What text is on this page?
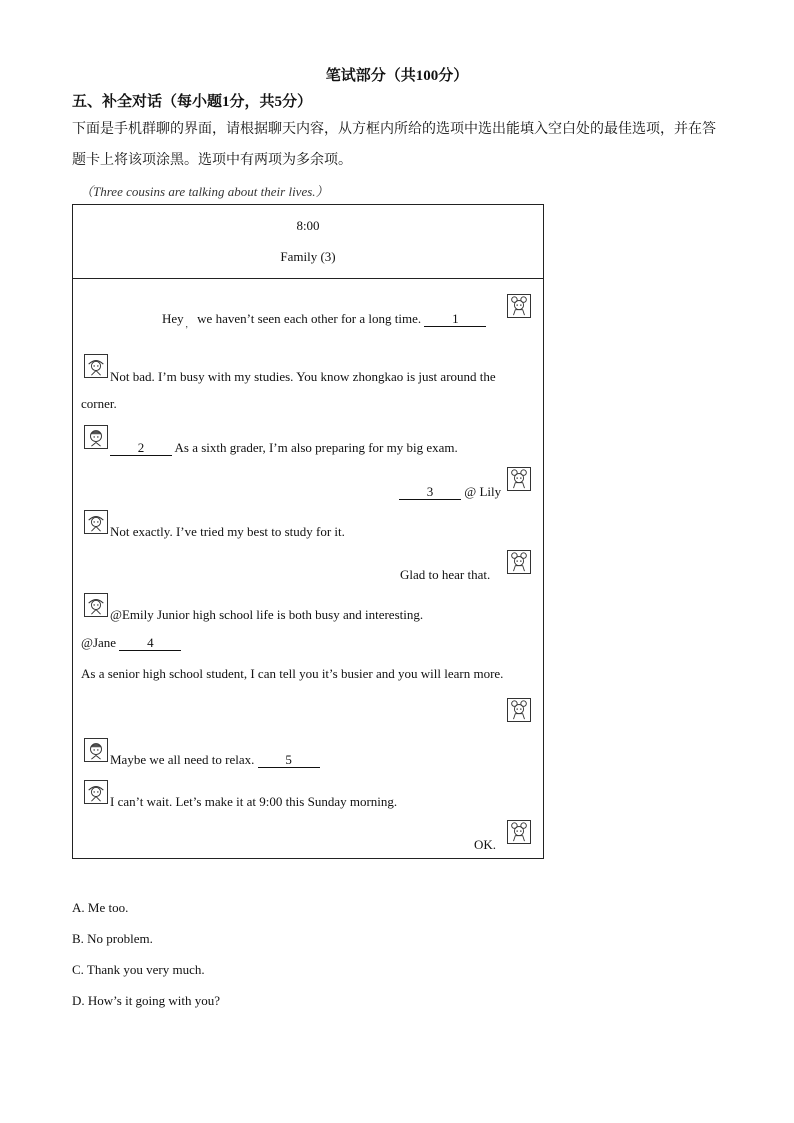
笔试部分（共100分）
五、补全对话（每小题1分，共5分）
下面是手机群聊的界面，请根据聊天内容，从方框内所给的选项中选出能填入空白处的最佳选项，并在答
题卡上将该项涂黑。选项中有两项为多余项。
（Three cousins are talking about their lives.）
8:00
Family (3)
Hey $_,$ we haven’t seen each other for a long time. 1
Not bad. I’m busy with my studies. You know zhongkao is just around the
corner.
2 As a sixth grader, I’m also preparing for my big exam.
3 @ Lily
Not exactly. I’ve tried my best to study for it.
Glad to hear that.
@Emily Junior high school life is both busy and interesting.
@Jane 4
As a senior high school student, I can tell you it’s busier and you will learn more.
Maybe we all need to relax. 5
I can’t wait. Let’s make it at 9:00 this Sunday morning.
OK.
A. Me too.
B. No problem.
C. Thank you very much.
D. How’s it going with you?
